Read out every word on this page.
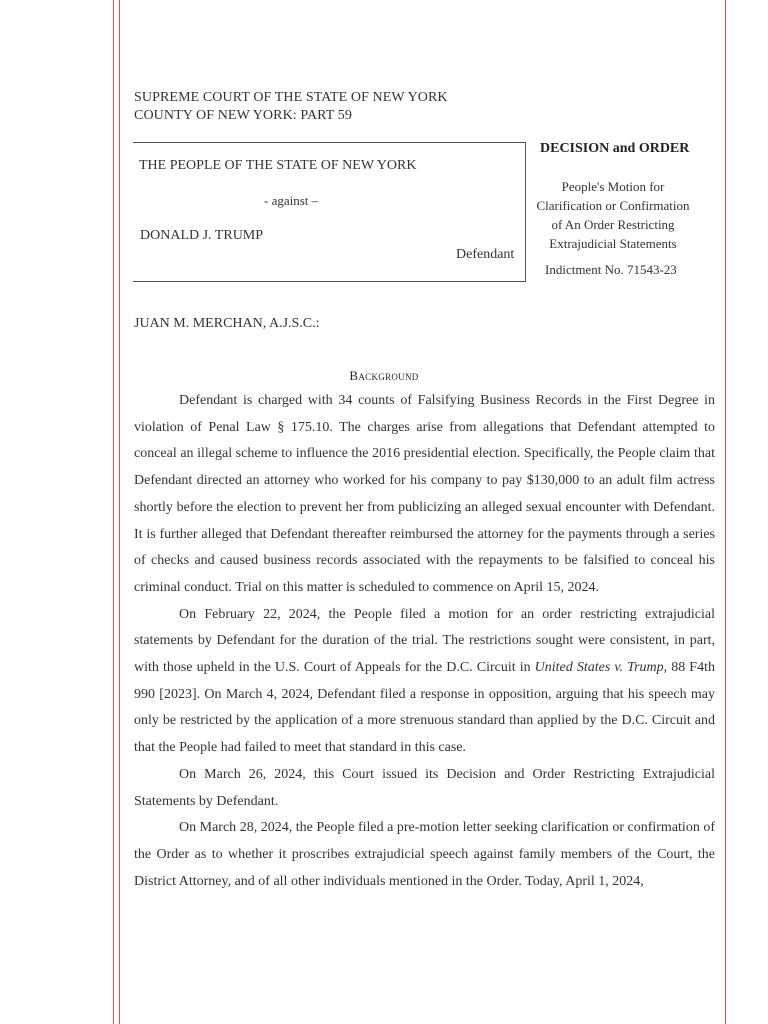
SUPREME COURT OF THE STATE OF NEW YORK
COUNTY OF NEW YORK: PART 59
THE PEOPLE OF THE STATE OF NEW YORK
- against –
DONALD J. TRUMP
Defendant
DECISION and ORDER
People's Motion for
Clarification or Confirmation
of An Order Restricting
Extrajudicial Statements
Indictment No. 71543-23
JUAN M. MERCHAN, A.J.S.C.:
Background

Defendant is charged with 34 counts of Falsifying Business Records in the First Degree in violation of Penal Law § 175.10. The charges arise from allegations that Defendant attempted to conceal an illegal scheme to influence the 2016 presidential election. Specifically, the People claim that Defendant directed an attorney who worked for his company to pay $130,000 to an adult film actress shortly before the election to prevent her from publicizing an alleged sexual encounter with Defendant. It is further alleged that Defendant thereafter reimbursed the attorney for the payments through a series of checks and caused business records associated with the repayments to be falsified to conceal his criminal conduct. Trial on this matter is scheduled to commence on April 15, 2024.

On February 22, 2024, the People filed a motion for an order restricting extrajudicial statements by Defendant for the duration of the trial. The restrictions sought were consistent, in part, with those upheld in the U.S. Court of Appeals for the D.C. Circuit in United States v. Trump, 88 F4th 990 [2023]. On March 4, 2024, Defendant filed a response in opposition, arguing that his speech may only be restricted by the application of a more strenuous standard than applied by the D.C. Circuit and that the People had failed to meet that standard in this case.

On March 26, 2024, this Court issued its Decision and Order Restricting Extrajudicial Statements by Defendant.

On March 28, 2024, the People filed a pre-motion letter seeking clarification or confirmation of the Order as to whether it proscribes extrajudicial speech against family members of the Court, the District Attorney, and of all other individuals mentioned in the Order. Today, April 1, 2024,
